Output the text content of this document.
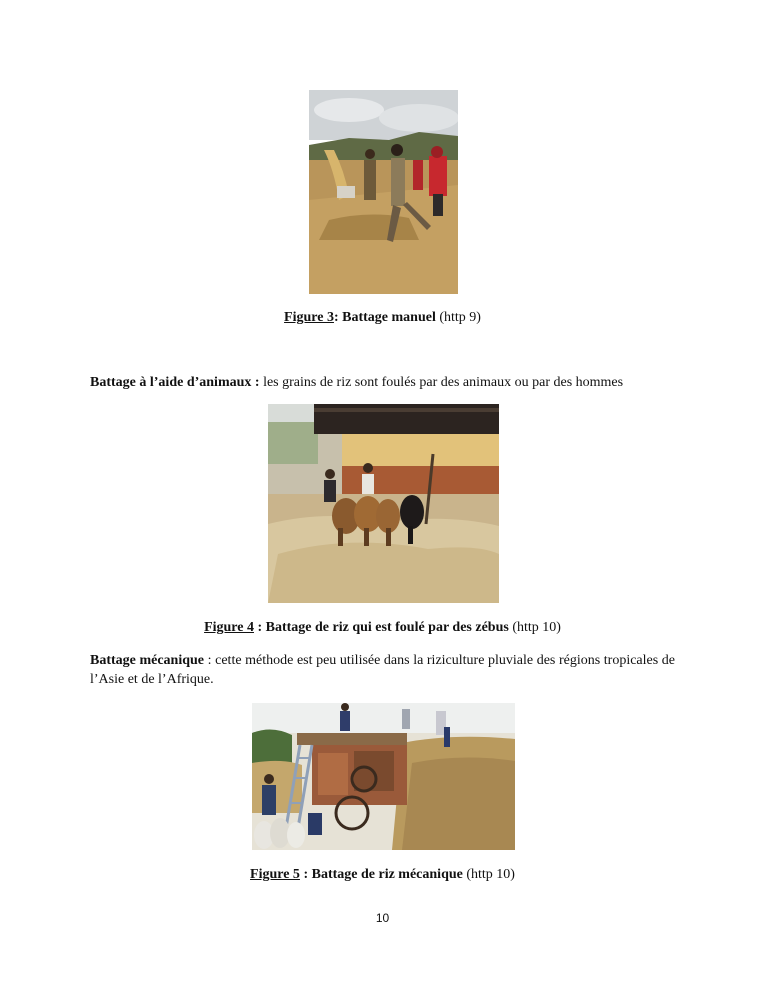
Figure 3: Battage manuel (http 9)
Battage à l’aide d’animaux : les grains de riz sont foulés par des animaux ou par des hommes
Figure 4 : Battage de riz qui est foulé par des zébus (http 10)
Battage mécanique : cette méthode est peu utilisée dans la riziculture pluviale des régions tropicales de l’Asie et de l’Afrique.
Figure 5 : Battage de riz mécanique (http 10)
10
